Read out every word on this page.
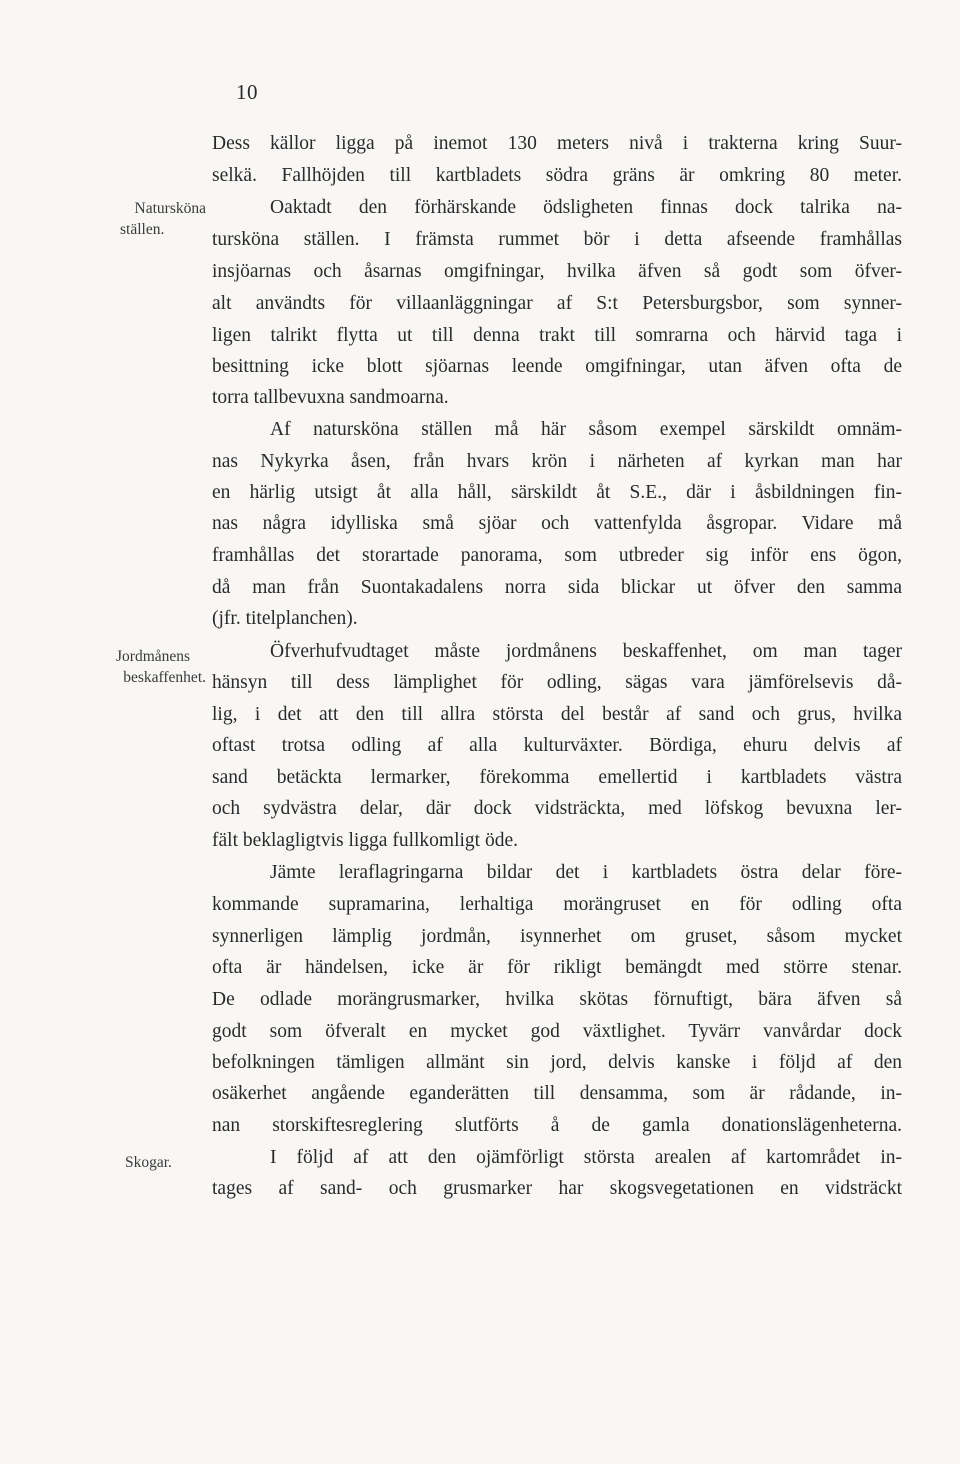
10
Natursköna
ställen.
Jordmånens
beskaffenhet.
Skogar.
Dess källor ligga på inemot 130 meters nivå i trakterna kring Suur-
selkä. Fallhöjden till kartbladets södra gräns är omkring 80 meter.
Oaktadt den förhärskande ödsligheten finnas dock talrika na-
tursköna ställen. I främsta rummet bör i detta afseende framhållas
insjöarnas och åsarnas omgifningar, hvilka äfven så godt som öfver-
alt användts för villaanläggningar af S:t Petersburgsbor, som synner-
ligen talrikt flytta ut till denna trakt till somrarna och härvid taga i
besittning icke blott sjöarnas leende omgifningar, utan äfven ofta de
torra tallbevuxna sandmoarna.
Af natursköna ställen må här såsom exempel särskildt omnäm-
nas Nykyrka åsen, från hvars krön i närheten af kyrkan man har
en härlig utsigt åt alla håll, särskildt åt S.E., där i åsbildningen fin-
nas några idylliska små sjöar och vattenfylda åsgropar. Vidare må
framhållas det storartade panorama, som utbreder sig inför ens ögon,
då man från Suontakadalens norra sida blickar ut öfver den samma
(jfr. titelplanchen).
Öfverhufvudtaget måste jordmånens beskaffenhet, om man tager
hänsyn till dess lämplighet för odling, sägas vara jämförelsevis då-
lig, i det att den till allra största del består af sand och grus, hvilka
oftast trotsa odling af alla kulturväxter. Bördiga, ehuru delvis af
sand betäckta lermarker, förekomma emellertid i kartbladets västra
och sydvästra delar, där dock vidsträckta, med löfskog bevuxna ler-
fält beklagligtvis ligga fullkomligt öde.
Jämte leraflagringarna bildar det i kartbladets östra delar före-
kommande supramarina, lerhaltiga morängruset en för odling ofta
synnerligen lämplig jordmån, isynnerhet om gruset, såsom mycket
ofta är händelsen, icke är för rikligt bemängdt med större stenar.
De odlade morängrusmarker, hvilka skötas förnuftigt, bära äfven så
godt som öfveralt en mycket god växtlighet. Tyvärr vanvårdar dock
befolkningen tämligen allmänt sin jord, delvis kanske i följd af den
osäkerhet angående eganderätten till densamma, som är rådande, in-
nan storskiftesreglering slutförts å de gamla donationslägenheterna.
I följd af att den ojämförligt största arealen af kartområdet in-
tages af sand- och grusmarker har skogsvegetationen en vidsträckt
